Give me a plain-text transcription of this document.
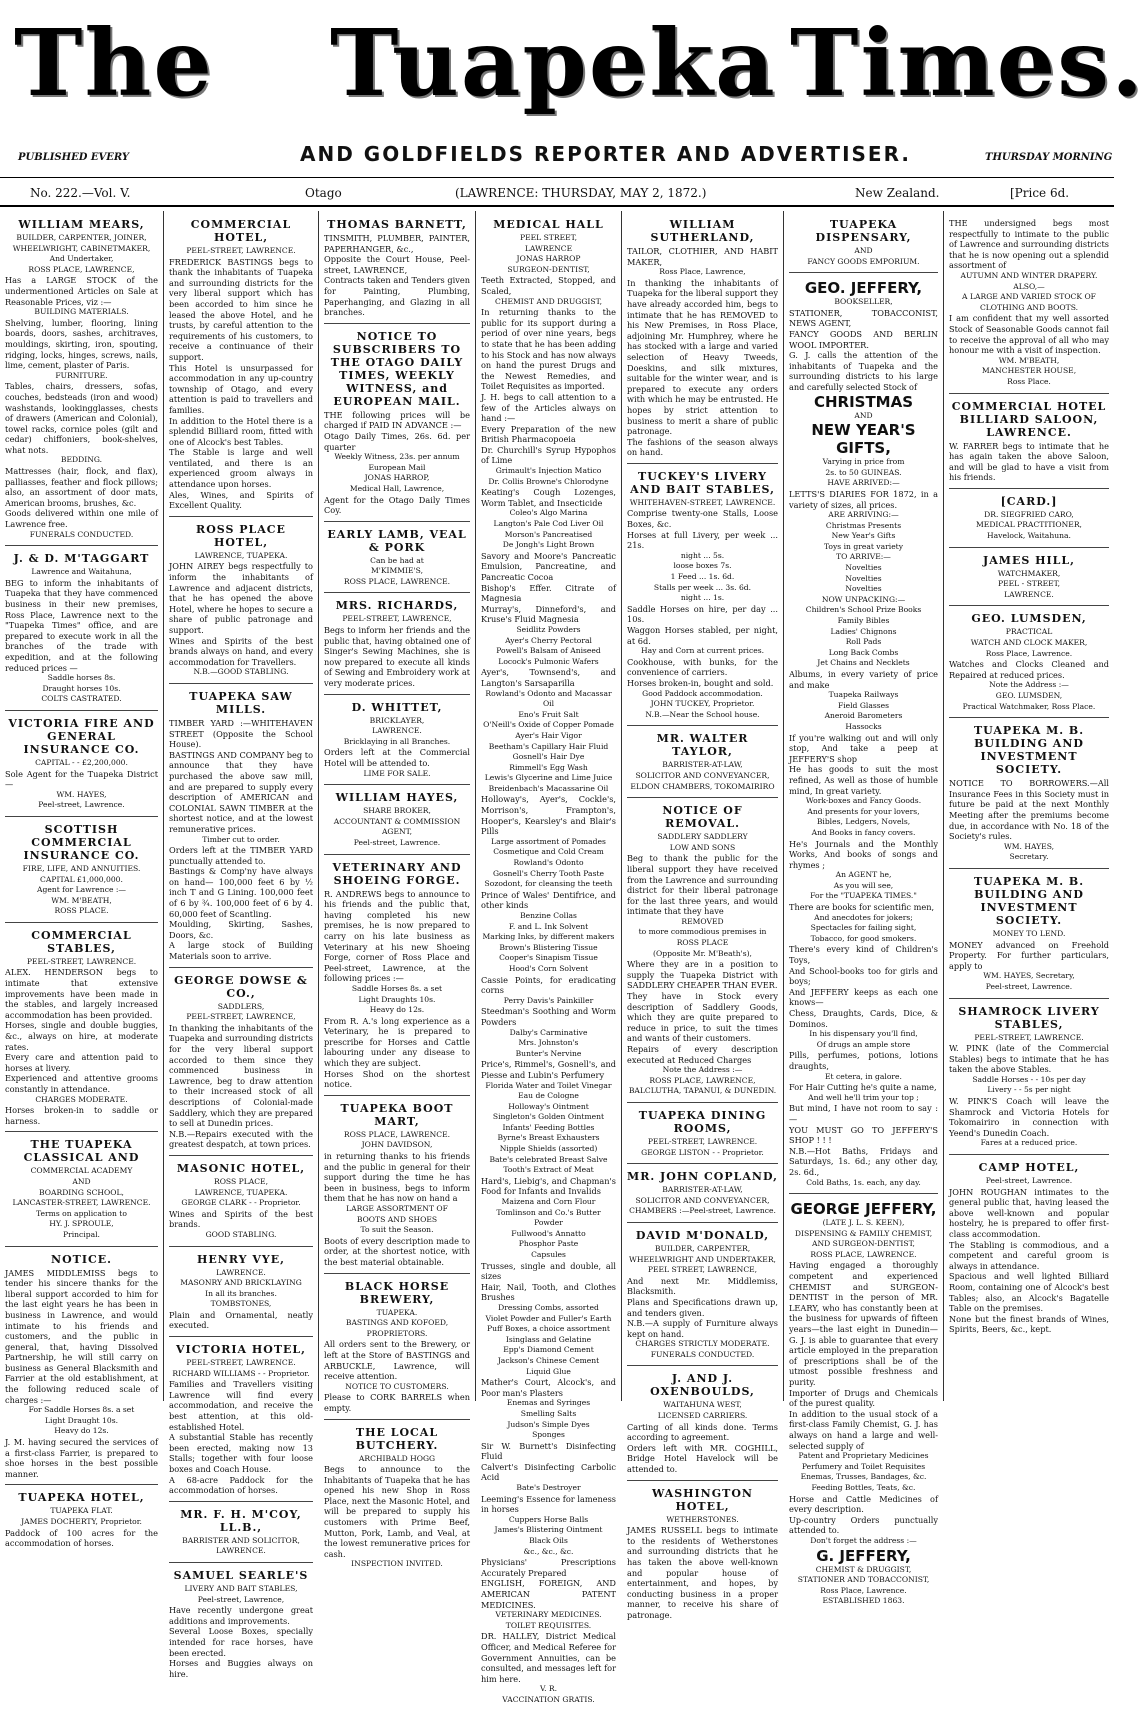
The Tuapeka Times.
PUBLISHED EVERY	AND GOLDFIELDS REPORTER AND ADVERTISER.	THURSDAY MORNING
No. 222.—Vol. V.	Otago	(LAWRENCE: THURSDAY, MAY 2, 1872.)	New Zealand.	[Price 6d.
WILLIAM MEARS,
BUILDER, CARPENTER, JOINER,
WHEELWRIGHT, CABINETMAKER,
And Undertaker,
ROSS PLACE, LAWRENCE,
Has a LARGE STOCK of the undermentioned Articles on Sale at Reasonable Prices, viz :—
BUILDING MATERIALS.
Shelving, lumber, flooring, lining boards, doors, sashes, architraves, mouldings, skirting, iron, spouting, ridging, locks, hinges, screws, nails, lime, cement, plaster of Paris.
FURNITURE.
Tables, chairs, dressers, sofas, couches, bedsteads (iron and wood) washstands, lookingglasses, chests of drawers (American and Colonial), towel racks, cornice poles (gilt and cedar) chiffoniers, book-shelves, what nots.
BEDDING.
Mattresses (hair, flock, and flax), palliasses, feather and flock pillows; also, an assortment of door mats, American brooms, brushes, &c.
Goods delivered within one mile of Lawrence free.
FUNERALS CONDUCTED.
J. & D. M'TAGGART
Lawrence and Waitahuna,
BEG to inform the inhabitants of Tuapeka that they have commenced business in their new premises, Ross Place, Lawrence next to the "Tuapeka Times" office, and are prepared to execute work in all the branches of the trade with expedition, and at the following reduced prices —
Saddle horses 8s.
Draught horses 10s.
COLTS CASTRATED.
VICTORIA FIRE AND GENERAL INSURANCE CO.
CAPITAL - - £2,200,000.
Sole Agent for the Tuapeka District —
WM. HAYES,
Peel-street, Lawrence.
SCOTTISH COMMERCIAL INSURANCE CO.
FIRE, LIFE, AND ANNUITIES.
CAPITAL £1,000,000.
Agent for Lawrence :—
WM. M'BEATH,
ROSS PLACE.
COMMERCIAL STABLES,
PEEL-STREET, LAWRENCE.
ALEX. HENDERSON begs to intimate that extensive improvements have been made in the stables, and largely increased accommodation has been provided.
Horses, single and double buggies, &c., always on hire, at moderate rates.
Every care and attention paid to horses at livery.
Experienced and attentive grooms constantly in attendance.
CHARGES MODERATE.
Horses broken-in to saddle or harness.
THE TUAPEKA CLASSICAL AND
COMMERCIAL ACADEMY
AND
BOARDING SCHOOL,
LANCASTER-STREET, LAWRENCE.
Terms on application to
HY. J. SPROULE,
Principal.
NOTICE.
JAMES MIDDLEMISS begs to tender his sincere thanks for the liberal support accorded to him for the last eight years he has been in business in Lawrence, and would intimate to his friends and customers, and the public in general, that, having Dissolved Partnership, he will still carry on business as General Blacksmith and Farrier at the old establishment, at the following reduced scale of charges :—
For Saddle Horses 8s. a set
Light Draught 10s.
Heavy do 12s.
J. M. having secured the services of a first-class Farrier, is prepared to shoe horses in the best possible manner.
TUAPEKA HOTEL,
TUAPEKA FLAT.
JAMES DOCHERTY, Proprietor.
Paddock of 100 acres for the accommodation of horses.
COMMERCIAL HOTEL,
PEEL-STREET, LAWRENCE.
FREDERICK BASTINGS begs to thank the inhabitants of Tuapeka and surrounding districts for the very liberal support which has been accorded to him since he leased the above Hotel, and he trusts, by careful attention to the requirements of his customers, to receive a continuance of their support.
This Hotel is unsurpassed for accommodation in any up-country township of Otago, and every attention is paid to travellers and families.
In addition to the Hotel there is a splendid Billiard room, fitted with one of Alcock's best Tables.
The Stable is large and well ventilated, and there is an experienced groom always in attendance upon horses.
Ales, Wines, and Spirits of Excellent Quality.
ROSS PLACE HOTEL,
LAWRENCE, TUAPEKA.
JOHN AIREY begs respectfully to inform the inhabitants of Lawrence and adjacent districts, that he has opened the above Hotel, where he hopes to secure a share of public patronage and support.
Wines and Spirits of the best brands always on hand, and every accommodation for Travellers.
N.B.—GOOD STABLING.
TUAPEKA SAW MILLS.
TIMBER YARD :—WHITEHAVEN STREET (Opposite the School House).
BASTINGS AND COMPANY beg to announce that they have purchased the above saw mill, and are prepared to supply every description of AMERICAN and COLONIAL SAWN TIMBER at the shortest notice, and at the lowest remunerative prices.
Timber cut to order.
Orders left at the TIMBER YARD punctually attended to.
Bastings & Comp'ny have always on hand— 100,000 feet 6 by ½ inch T and G Lining. 100,000 feet of 6 by ¾. 100,000 feet of 6 by 4. 60,000 feet of Scantling.
Moulding, Skirting, Sashes, Doors, &c.
A large stock of Building Materials soon to arrive.
GEORGE DOWSE & CO.,
SADDLERS,
PEEL-STREET, LAWRENCE,
In thanking the inhabitants of the Tuapeka and surrounding districts for the very liberal support accorded to them since they commenced business in Lawrence, beg to draw attention to their increased stock of all descriptions of Colonial-made Saddlery, which they are prepared to sell at Dunedin prices.
N.B.—Repairs executed with the greatest despatch, at town prices.
MASONIC HOTEL,
ROSS PLACE,
LAWRENCE, TUAPEKA.
GEORGE CLARK - - Proprietor.
Wines and Spirits of the best brands.
GOOD STABLING.
HENRY VYE,
LAWRENCE.
MASONRY AND BRICKLAYING
In all its branches.
TOMBSTONES,
Plain and Ornamental, neatly executed.
VICTORIA HOTEL,
PEEL-STREET, LAWRENCE.
RICHARD WILLIAMS - - Proprietor.
Families and Travellers visiting Lawrence will find every accommodation, and receive the best attention, at this old-established Hotel.
A substantial Stable has recently been erected, making now 13 Stalls; together with four loose boxes and Coach House.
A 68-acre Paddock for the accommodation of horses.
MR. F. H. M'COY, LL.B.,
BARRISTER AND SOLICITOR,
LAWRENCE.
SAMUEL SEARLE'S
LIVERY AND BAIT STABLES,
Peel-street, Lawrence,
Have recently undergone great additions and improvements.
Several Loose Boxes, specially intended for race horses, have been erected.
Horses and Buggies always on hire.
THOMAS BARNETT,
TINSMITH, PLUMBER, PAINTER, PAPERHANGER, &c.,
Opposite the Court House, Peel-street, LAWRENCE,
Contracts taken and Tenders given for Painting, Plumbing, Paperhanging, and Glazing in all branches.
NOTICE TO SUBSCRIBERS TO THE OTAGO DAILY TIMES, WEEKLY WITNESS, and EUROPEAN MAIL.
THE following prices will be charged if PAID IN ADVANCE :—
Otago Daily Times, 26s. 6d. per quarter
Weekly Witness, 23s. per annum
European Mail
JONAS HARROP,
Medical Hall, Lawrence,
Agent for the Otago Daily Times Coy.
EARLY LAMB, VEAL & PORK
Can be had at
M'KIMMIE'S,
ROSS PLACE, LAWRENCE.
MRS. RICHARDS,
PEEL-STREET, LAWRENCE,
Begs to inform her friends and the public that, having obtained one of Singer's Sewing Machines, she is now prepared to execute all kinds of Sewing and Embroidery work at very moderate prices.
D. WHITTET,
BRICKLAYER,
LAWRENCE.
Bricklaying in all Branches.
Orders left at the Commercial Hotel will be attended to.
LIME FOR SALE.
WILLIAM HAYES,
SHARE BROKER,
ACCOUNTANT & COMMISSION AGENT,
Peel-street, Lawrence.
VETERINARY AND SHOEING FORGE.
R. ANDREWS begs to announce to his friends and the public that, having completed his new premises, he is now prepared to carry on his late business as Veterinary at his new Shoeing Forge, corner of Ross Place and Peel-street, Lawrence, at the following prices :—
Saddle Horses 8s. a set
Light Draughts 10s.
Heavy do 12s.
From R. A.'s long experience as a Veterinary, he is prepared to prescribe for Horses and Cattle labouring under any disease to which they are subject.
Horses Shod on the shortest notice.
TUAPEKA BOOT MART,
ROSS PLACE, LAWRENCE.
JOHN DAVIDSON,
in returning thanks to his friends and the public in general for their support during the time he has been in business, begs to inform them that he has now on hand a
LARGE ASSORTMENT OF
BOOTS AND SHOES
To suit the Season.
Boots of every description made to order, at the shortest notice, with the best material obtainable.
BLACK HORSE BREWERY,
TUAPEKA.
BASTINGS AND KOFOED,
PROPRIETORS.
All orders sent to the Brewery, or left at the Store of BASTINGS and ARBUCKLE, Lawrence, will receive attention.
NOTICE TO CUSTOMERS.
Please to CORK BARRELS when empty.
THE LOCAL BUTCHERY.
ARCHIBALD HOGG
Begs to announce to the Inhabitants of Tuapeka that he has opened his new Shop in Ross Place, next the Masonic Hotel, and will be prepared to supply his customers with Prime Beef, Mutton, Pork, Lamb, and Veal, at the lowest remunerative prices for cash.
INSPECTION INVITED.
MEDICAL HALL
PEEL STREET,
LAWRENCE
JONAS HARROP
SURGEON-DENTIST,
Teeth Extracted, Stopped, and Scaled,
CHEMIST AND DRUGGIST,
In returning thanks to the public for its support during a period of over nine years, begs to state that he has been adding to his Stock and has now always on hand the purest Drugs and the Newest Remedies, and Toilet Requisites as imported.
J. H. begs to call attention to a few of the Articles always on hand :—
Every Preparation of the new British Pharmacopoeia
Dr. Churchill's Syrup Hypophos of Lime
Grimault's Injection Matico
Dr. Collis Browne's Chlorodyne
Keating's Cough Lozenges, Worm Tablet, and Insecticide
Coleo's Algo Marina
Langton's Pale Cod Liver Oil
Morson's Pancreatised
De Jongh's Light Brown
Savory and Moore's Pancreatic Emulsion, Pancreatine, and Pancreatic Cocoa
Bishop's Effer. Citrate of Magnesia
Murray's, Dinneford's, and Kruse's Fluid Magnesia
Seidlitz Powders
Ayer's Cherry Pectoral
Powell's Balsam of Aniseed
Locock's Pulmonic Wafers
Ayer's, Townsend's, and Langton's Sarsaparilla
Rowland's Odonto and Macassar Oil
Eno's Fruit Salt
O'Neill's Oxide of Copper Pomade
Ayer's Hair Vigor
Beetham's Capillary Hair Fluid
Gosnell's Hair Dye
Rimmell's Egg Wash
Lewis's Glycerine and Lime Juice
Breidenbach's Macassarine Oil
Holloway's, Ayer's, Cockle's, Morrison's, Frampton's, Hooper's, Kearsley's and Blair's Pills
Large assortment of Pomades
Cosmetique and Cold Cream
Rowland's Odonto
Gosnell's Cherry Tooth Paste
Sozodont, for cleansing the teeth
Prince of Wales' Dentifrice, and other kinds
Benzine Collas
F. and L. Ink Solvent
Marking Inks, by different makers
Brown's Blistering Tissue
Cooper's Sinapism Tissue
Hood's Corn Solvent
Cassie Points, for eradicating corns
Perry Davis's Painkiller
Steedman's Soothing and Worm Powders
Dalby's Carminative
Mrs. Johnston's
Bunter's Nervine
Price's, Rimmel's, Gosnell's, and Piesse and Lubin's Perfumery
Florida Water and Toilet Vinegar
Eau de Cologne
Holloway's Ointment
Singleton's Golden Ointment
Infants' Feeding Bottles
Byrne's Breast Exhausters
Nipple Shields (assorted)
Bate's celebrated Breast Salve
Tooth's Extract of Meat
Hard's, Liebig's, and Chapman's Food for Infants and Invalids
Maizena and Corn Flour
Tomlinson and Co.'s Butter Powder
Fullwood's Annatto
Phosphor Paste
Capsules
Trusses, single and double, all sizes
Hair, Nail, Tooth, and Clothes Brushes
Dressing Combs, assorted
Violet Powder and Fuller's Earth
Puff Boxes, a choice assortment
Isinglass and Gelatine
Epp's Diamond Cement
Jackson's Chinese Cement
Liquid Glue
Mather's Court, Alcock's, and Poor man's Plasters
Enemas and Syringes
Smelling Salts
Judson's Simple Dyes
Sponges
Sir W. Burnett's Disinfecting Fluid
Calvert's Disinfecting Carbolic Acid
Bate's Destroyer
Leeming's Essence for lameness in horses
Cuppers Horse Balls
James's Blistering Ointment
Black Oils
&c., &c., &c.
Physicians' Prescriptions Accurately Prepared
ENGLISH, FOREIGN, AND AMERICAN PATENT MEDICINES.
VETERINARY MEDICINES.
TOILET REQUISITES.
DR. HALLEY, District Medical Officer, and Medical Referee for Government Annuities, can be consulted, and messages left for him here.
V. R.
VACCINATION GRATIS.
WILLIAM SUTHERLAND,
TAILOR, CLOTHIER, AND HABIT MAKER,
Ross Place, Lawrence,
In thanking the inhabitants of Tuapeka for the liberal support they have already accorded him, begs to intimate that he has REMOVED to his New Premises, in Ross Place, adjoining Mr. Humphrey, where he has stocked with a large and varied selection of Heavy Tweeds, Doeskins, and silk mixtures, suitable for the winter wear, and is prepared to execute any orders with which he may be entrusted. He hopes by strict attention to business to merit a share of public patronage.
The fashions of the season always on hand.
TUCKEY'S LIVERY AND BAIT STABLES,
WHITEHAVEN-STREET, LAWRENCE.
Comprise twenty-one Stalls, Loose Boxes, &c.
Horses at full Livery, per week ... 21s.
night ... 5s.
loose boxes 7s.
1 Feed ... 1s. 6d.
Stalls per week ... 3s. 6d.
night ... 1s.
Saddle Horses on hire, per day ... 10s.
Waggon Horses stabled, per night, at 6d.
Hay and Corn at current prices.
Cookhouse, with bunks, for the convenience of carriers.
Horses broken-in, bought and sold.
Good Paddock accommodation.
JOHN TUCKEY, Proprietor.
N.B.—Near the School house.
MR. WALTER TAYLOR,
BARRISTER-AT-LAW,
SOLICITOR AND CONVEYANCER,
ELDON CHAMBERS, TOKOMAIRIRO
NOTICE OF REMOVAL.
SADDLERY SADDLERY
LOW AND SONS
Beg to thank the public for the liberal support they have received from the Lawrence and surrounding district for their liberal patronage for the last three years, and would intimate that they have
REMOVED
to more commodious premises in
ROSS PLACE
(Opposite Mr. M'Beath's),
Where they are in a position to supply the Tuapeka District with SADDLERY CHEAPER THAN EVER.
They have in Stock every description of Saddlery Goods, which they are quite prepared to reduce in price, to suit the times and wants of their customers.
Repairs of every description executed at Reduced Charges
Note the Address :—
ROSS PLACE, LAWRENCE,
BALCLUTHA, TAPANUI, & DUNEDIN.
TUAPEKA DINING ROOMS,
PEEL-STREET, LAWRENCE.
GEORGE LISTON - - Proprietor.
MR. JOHN COPLAND,
BARRISTER-AT-LAW,
SOLICITOR AND CONVEYANCER,
CHAMBERS :—Peel-street, Lawrence.
DAVID M'DONALD,
BUILDER, CARPENTER,
WHEELWRIGHT AND UNDERTAKER,
PEEL STREET, LAWRENCE,
And next Mr. Middlemiss, Blacksmith.
Plans and Specifications drawn up, and tenders given.
N.B.—A supply of Furniture always kept on hand.
CHARGES STRICTLY MODERATE.
FUNERALS CONDUCTED.
J. AND J. OXENBOULDS,
WAITAHUNA WEST,
LICENSED CARRIERS.
Carting of all kinds done. Terms according to agreement.
Orders left with MR. COGHILL, Bridge Hotel Havelock will be attended to.
WASHINGTON HOTEL,
WETHERSTONES.
JAMES RUSSELL begs to intimate to the residents of Wetherstones and surrounding districts that he has taken the above well-known and popular house of entertainment, and hopes, by conducting business in a proper manner, to receive his share of patronage.
TUAPEKA DISPENSARY,
AND
FANCY GOODS EMPORIUM.
GEO. JEFFERY,
BOOKSELLER,
STATIONER, TOBACCONIST, NEWS AGENT,
FANCY GOODS AND BERLIN WOOL IMPORTER.
G. J. calls the attention of the inhabitants of Tuapeka and the surrounding districts to his large and carefully selected Stock of
CHRISTMAS
AND
NEW YEAR'S GIFTS,
Varying in price from
2s. to 50 GUINEAS.
HAVE ARRIVED:—
LETTS'S DIARIES FOR 1872, in a variety of sizes, all prices.
ARE ARRIVING:—
Christmas Presents
New Year's Gifts
Toys in great variety
TO ARRIVE:—
Novelties
Novelties
Novelties
NOW UNPACKING:—
Children's School Prize Books
Family Bibles
Ladies' Chignons
Roll Pads
Long Back Combs
Jet Chains and Necklets
Albums, in every variety of price and make
Tuapeka Railways
Field Glasses
Aneroid Barometers
Hassocks
If you're walking out and will only stop, And take a peep at JEFFERY'S shop
He has goods to suit the most refined, As well as those of humble mind, In great variety.
Work-boxes and Fancy Goods.
And presents for your lovers,
Bibles, Ledgers, Novels,
And Books in fancy covers.
He's Journals and the Monthly Works, And books of songs and rhymes ;
An AGENT he,
As you will see,
For the "TUAPEKA TIMES."
There are books for scientific men,
And anecdotes for jokers;
Spectacles for failing sight,
Tobacco, for good smokers.
There's every kind of Children's Toys,
And School-books too for girls and boys;
And JEFFERY keeps as each one knows—
Chess, Draughts, Cards, Dice, & Dominos.
In his dispensary you'll find,
Of drugs an ample store
Pills, perfumes, potions, lotions draughts,
Et cetera, in galore.
For Hair Cutting he's quite a name,
And well he'll trim your top ;
But mind, I have not room to say :—
YOU MUST GO TO JEFFERY'S SHOP ! ! !
N.B.—Hot Baths, Fridays and Saturdays, 1s. 6d.; any other day, 2s. 6d.,
Cold Baths, 1s. each, any day.
GEORGE JEFFERY,
(LATE J. L. S. KEEN),
DISPENSING & FAMILY CHEMIST,
AND SURGEON-DENTIST,
ROSS PLACE, LAWRENCE.
Having engaged a thoroughly competent and experienced CHEMIST and SURGEON-DENTIST in the person of MR. LEARY, who has constantly been at the business for upwards of fifteen years—the last eight in Dunedin—G. J. is able to guarantee that every article employed in the preparation of prescriptions shall be of the utmost possible freshness and purity.
Importer of Drugs and Chemicals of the purest quality.
In addition to the usual stock of a first-class Family Chemist, G. J. has always on hand a large and well-selected supply of
Patent and Proprietary Medicines
Perfumery and Toilet Requisites
Enemas, Trusses, Bandages, &c.
Feeding Bottles, Teats, &c.
Horse and Cattle Medicines of every description.
Up-country Orders punctually attended to.
Don't forget the address :—
G. JEFFERY,
CHEMIST & DRUGGIST,
STATIONER AND TOBACCONIST,
Ross Place, Lawrence.
ESTABLISHED 1863.
THE undersigned begs most respectfully to intimate to the public of Lawrence and surrounding districts that he is now opening out a splendid assortment of
AUTUMN AND WINTER DRAPERY.
ALSO,—
A LARGE AND VARIED STOCK OF
CLOTHING AND BOOTS.
I am confident that my well assorted Stock of Seasonable Goods cannot fail to receive the approval of all who may honour me with a visit of inspection.
WM. M'BEATH,
MANCHESTER HOUSE,
Ross Place.
COMMERCIAL HOTEL BILLIARD SALOON, LAWRENCE.
W. FARRER begs to intimate that he has again taken the above Saloon, and will be glad to have a visit from his friends.
[CARD.]
DR. SIEGFRIED CARO,
MEDICAL PRACTITIONER,
Havelock, Waitahuna.
JAMES HILL,
WATCHMAKER,
PEEL - STREET,
LAWRENCE.
GEO. LUMSDEN,
PRACTICAL
WATCH AND CLOCK MAKER,
Ross Place, Lawrence.
Watches and Clocks Cleaned and Repaired at reduced prices.
Note the Address :—
GEO. LUMSDEN,
Practical Watchmaker, Ross Place.
TUAPEKA M. B. BUILDING AND INVESTMENT SOCIETY.
NOTICE TO BORROWERS.—All Insurance Fees in this Society must in future be paid at the next Monthly Meeting after the premiums become due, in accordance with No. 18 of the Society's rules.
WM. HAYES,
Secretary.
TUAPEKA M. B. BUILDING AND INVESTMENT SOCIETY.
MONEY TO LEND.
MONEY advanced on Freehold Property. For further particulars, apply to
WM. HAYES, Secretary,
Peel-street, Lawrence.
SHAMROCK LIVERY STABLES,
PEEL-STREET, LAWRENCE.
W. PINK (late of the Commercial Stables) begs to intimate that he has taken the above Stables.
Saddle Horses - - 10s per day
Livery - - 5s per night
W. PINK'S Coach will leave the Shamrock and Victoria Hotels for Tokomairiro in connection with Yeend's Dunedin Coach.
Fares at a reduced price.
CAMP HOTEL,
Peel-street, Lawrence.
JOHN ROUGHAN intimates to the general public that, having leased the above well-known and popular hostelry, he is prepared to offer first-class accommodation.
The Stabling is commodious, and a competent and careful groom is always in attendance.
Spacious and well lighted Billiard Room, containing one of Alcock's best Tables; also, an Alcock's Bagatelle Table on the premises.
None but the finest brands of Wines, Spirits, Beers, &c., kept.
